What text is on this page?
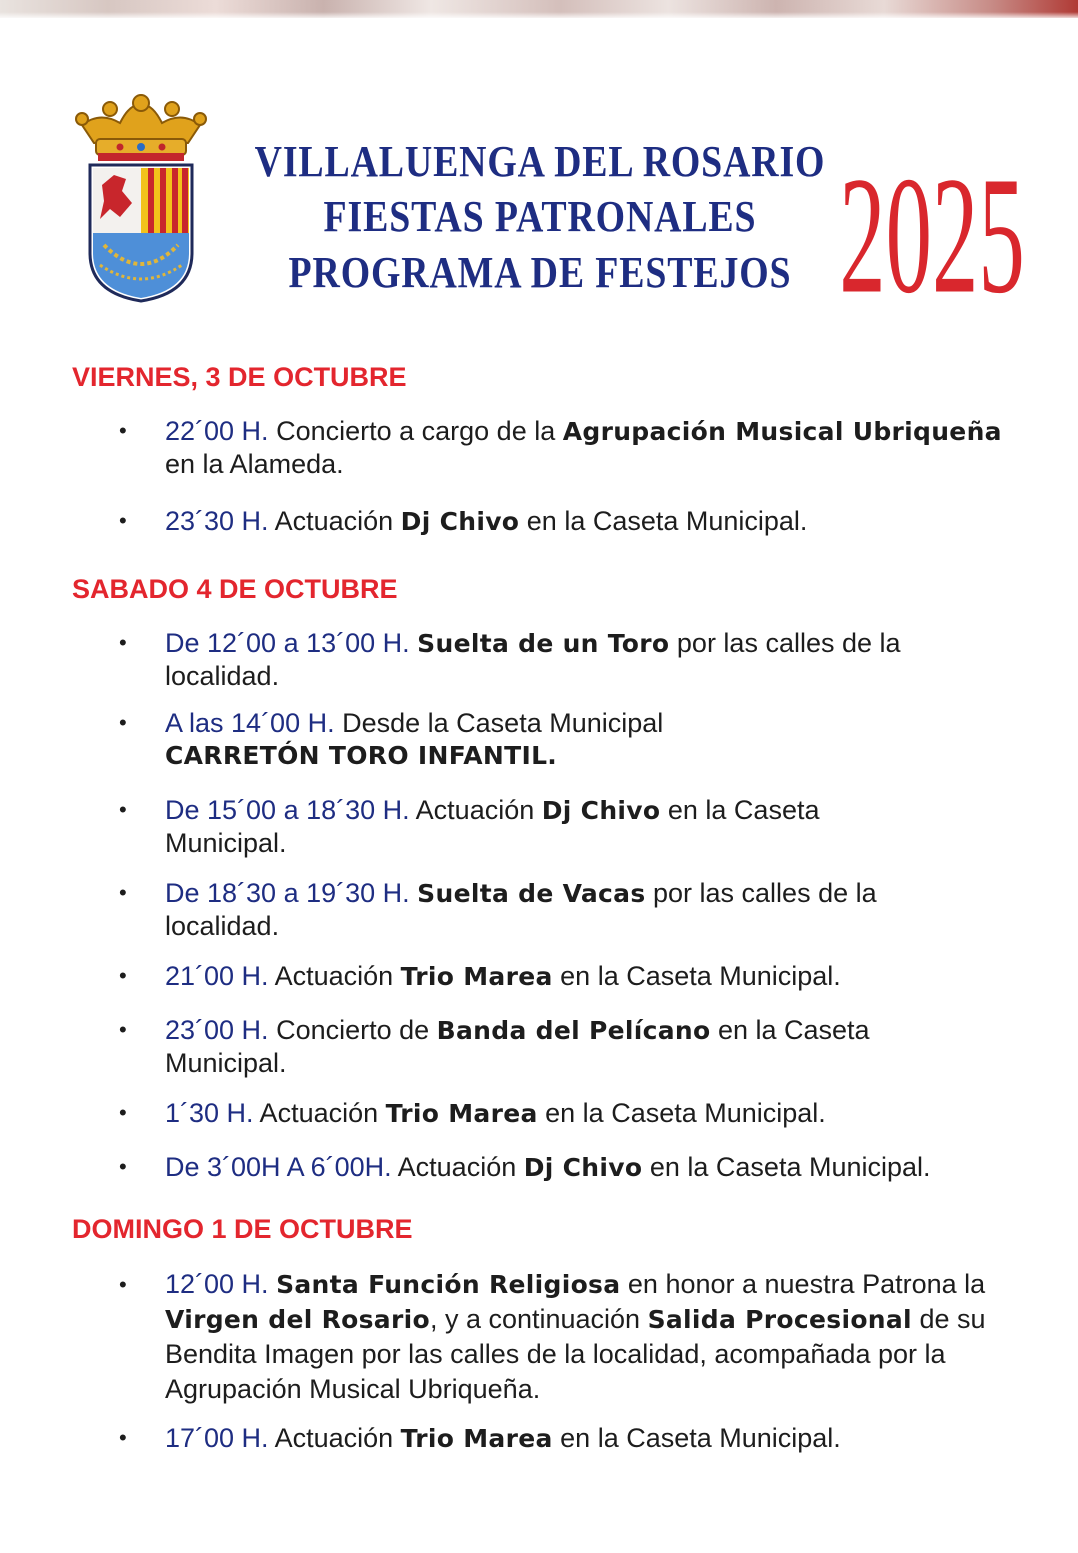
VILLALUENGA DEL ROSARIO
FIESTAS PATRONALES
PROGRAMA DE FESTEJOS 2025
VIERNES, 3 DE OCTUBRE
•	22´00 H. Concierto a cargo de la Agrupación Musical Ubriqueña en la Alameda.
•	23´30 H. Actuación Dj Chivo en la Caseta Municipal.
SABADO 4 DE OCTUBRE
•	De 12´00 a 13´00 H. Suelta de un Toro por las calles de la localidad.
•	A las 14´00 H. Desde la Caseta Municipal
CARRETÓN TORO INFANTIL.
•	De 15´00 a 18´30 H. Actuación Dj Chivo en la Caseta Municipal.
•	De 18´30 a 19´30 H. Suelta de Vacas por las calles de la localidad.
•	21´00 H. Actuación Trio Marea en la Caseta Municipal.
•	23´00 H. Concierto de Banda del Pelícano en la Caseta Municipal.
•	1´30 H. Actuación Trio Marea en la Caseta Municipal.
•	De 3´00H A 6´00H. Actuación Dj Chivo en la Caseta Municipal.
DOMINGO 1 DE OCTUBRE
•	12´00 H. Santa Función Religiosa en honor a nuestra Patrona la Virgen del Rosario, y a continuación Salida Procesional de su Bendita Imagen por las calles de la localidad, acompañada por la Agrupación Musical Ubriqueña.
•	17´00 H. Actuación Trio Marea en la Caseta Municipal.
